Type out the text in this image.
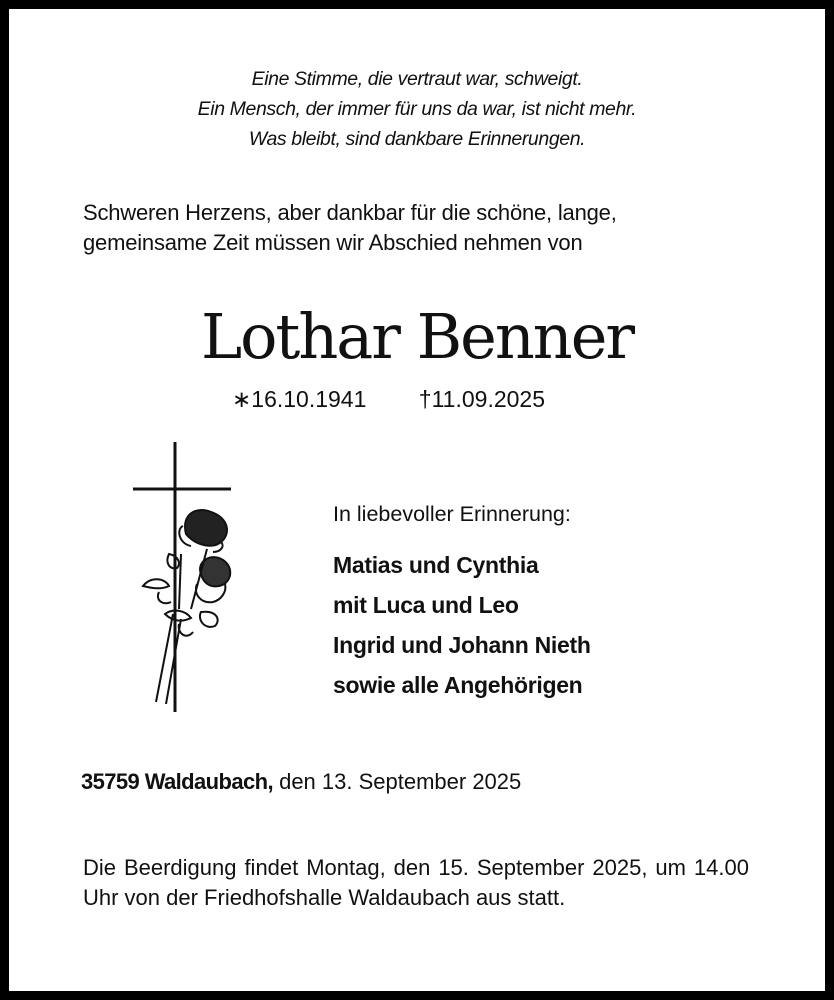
Eine Stimme, die vertraut war, schweigt.
Ein Mensch, der immer für uns da war, ist nicht mehr.
Was bleibt, sind dankbare Erinnerungen.
Schweren Herzens, aber dankbar für die schöne, lange,
gemeinsame Zeit müssen wir Abschied nehmen von
Lothar Benner
∗16.10.1941 †11.09.2025
In liebevoller Erinnerung:
Matias und Cynthia
mit Luca und Leo
Ingrid und Johann Nieth
sowie alle Angehörigen
35759 Waldaubach, den 13. September 2025
Die Beerdigung findet Montag, den 15. September 2025, um 14.00 Uhr von der Friedhofshalle Waldaubach aus statt.
